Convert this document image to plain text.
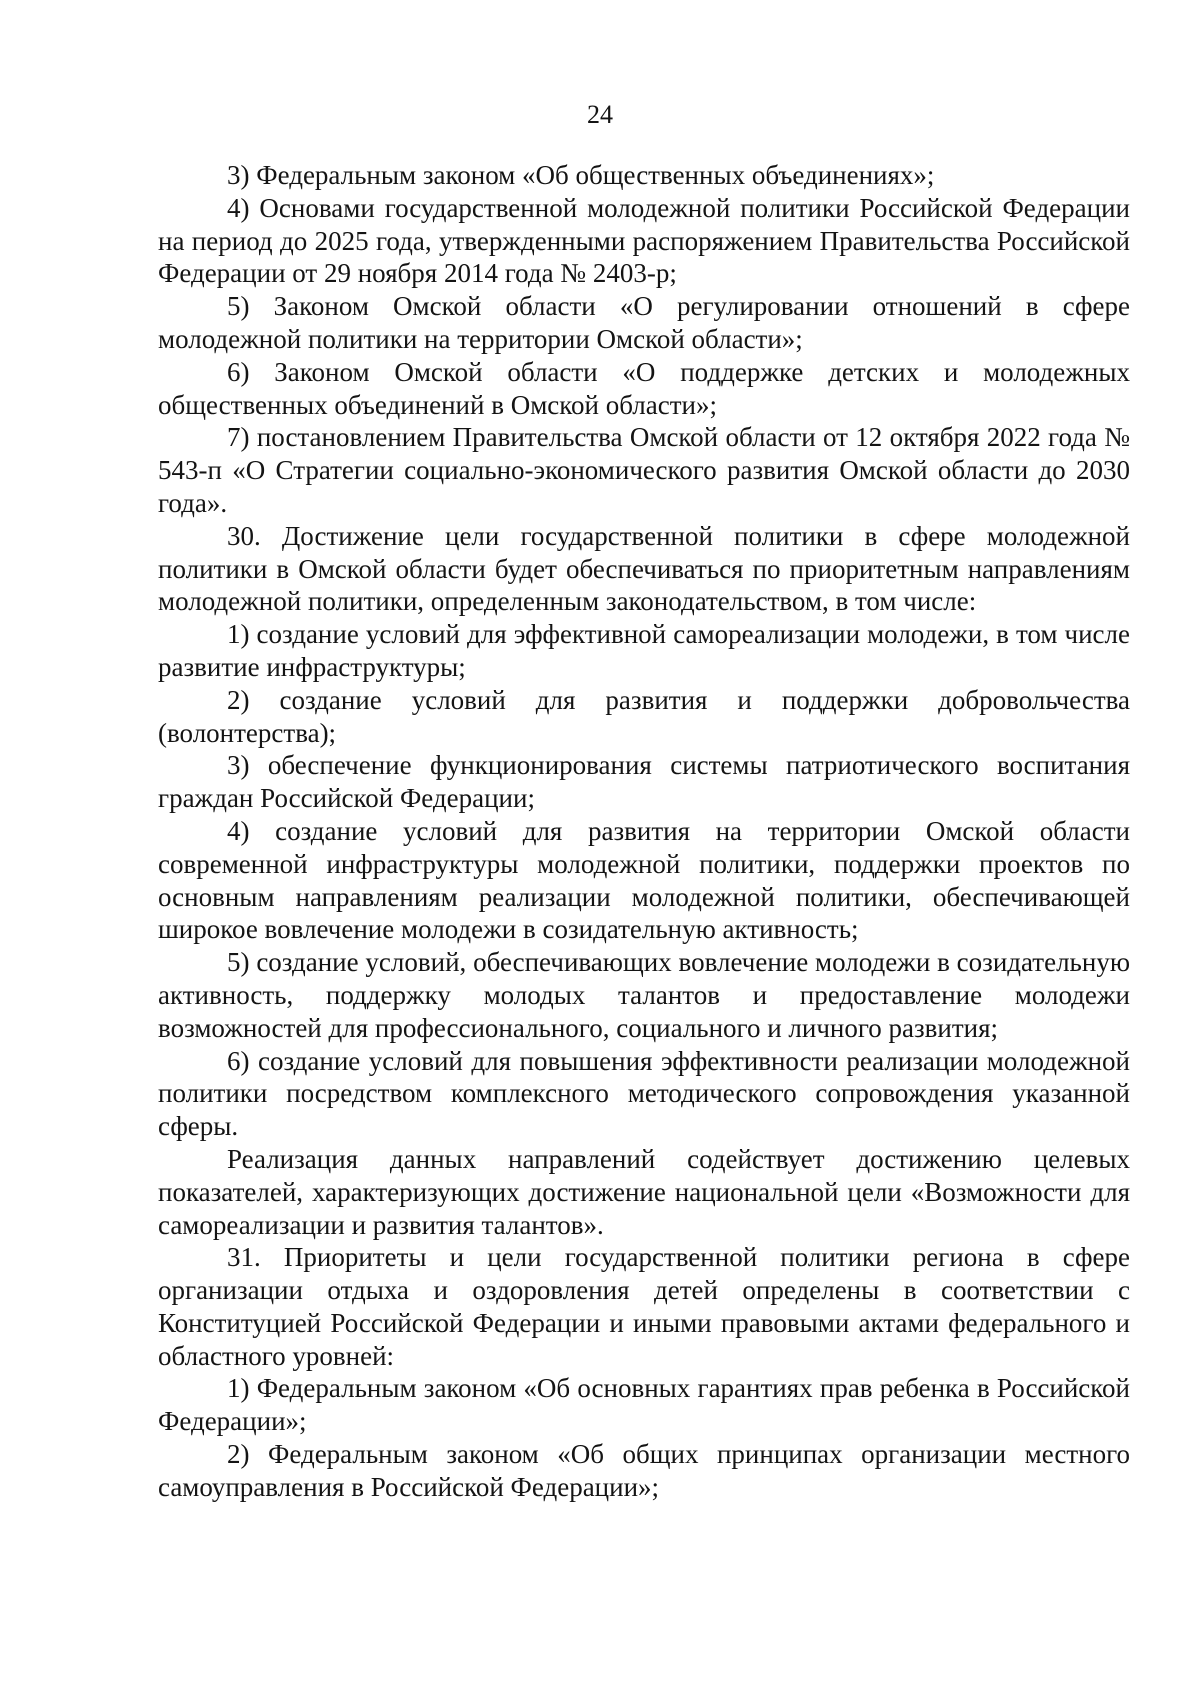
24

3) Федеральным законом «Об общественных объединениях»;

4) Основами государственной молодежной политики Российской Федерации на период до 2025 года, утвержденными распоряжением Правительства Российской Федерации от 29 ноября 2014 года № 2403-р;

5) Законом Омской области «О регулировании отношений в сфере молодежной политики на территории Омской области»;

6) Законом Омской области «О поддержке детских и молодежных общественных объединений в Омской области»;

7) постановлением Правительства Омской области от 12 октября 2022 года № 543-п «О Стратегии социально-экономического развития Омской области до 2030 года».

30. Достижение цели государственной политики в сфере молодежной политики в Омской области будет обеспечиваться по приоритетным направлениям молодежной политики, определенным законодательством, в том числе:

1) создание условий для эффективной самореализации молодежи, в том числе развитие инфраструктуры;

2) создание условий для развития и поддержки добровольчества (волонтерства);

3) обеспечение функционирования системы патриотического воспитания граждан Российской Федерации;

4) создание условий для развития на территории Омской области современной инфраструктуры молодежной политики, поддержки проектов по основным направлениям реализации молодежной политики, обеспечивающей широкое вовлечение молодежи в созидательную активность;

5) создание условий, обеспечивающих вовлечение молодежи в созидательную активность, поддержку молодых талантов и предоставление молодежи возможностей для профессионального, социального и личного развития;

6) создание условий для повышения эффективности реализации молодежной политики посредством комплексного методического сопровождения указанной сферы.

Реализация данных направлений содействует достижению целевых показателей, характеризующих достижение национальной цели «Возможности для самореализации и развития талантов».

31. Приоритеты и цели государственной политики региона в сфере организации отдыха и оздоровления детей определены в соответствии с Конституцией Российской Федерации и иными правовыми актами федерального и областного уровней:

1) Федеральным законом «Об основных гарантиях прав ребенка в Российской Федерации»;

2) Федеральным законом «Об общих принципах организации местного самоуправления в Российской Федерации»;
